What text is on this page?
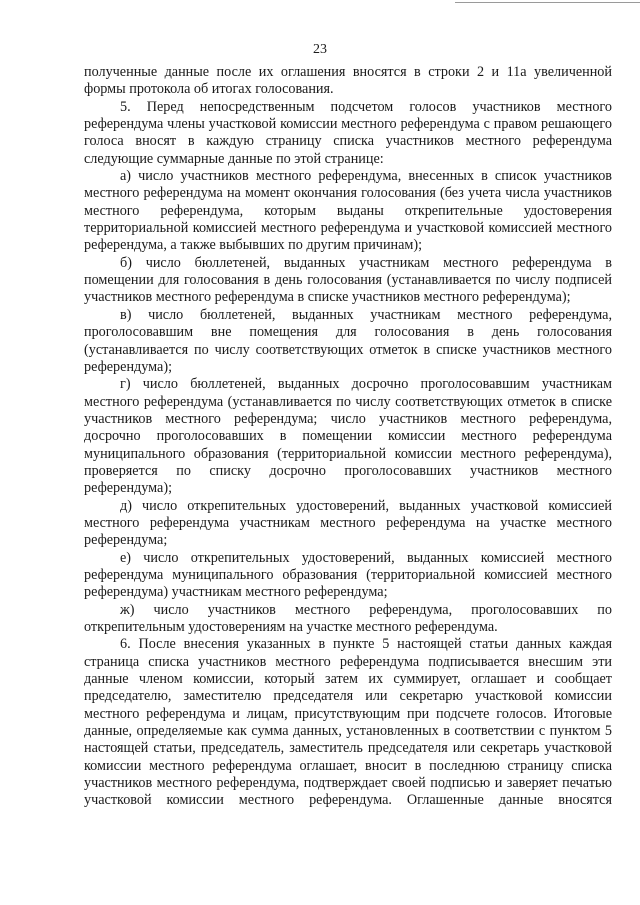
23

полученные данные после их оглашения вносятся в строки 2 и 11а увеличенной формы протокола об итогах голосования.

5. Перед непосредственным подсчетом голосов участников местного референдума члены участковой комиссии местного референдума с правом решающего голоса вносят в каждую страницу списка участников местного референдума следующие суммарные данные по этой странице:

а) число участников местного референдума, внесенных в список участников местного референдума на момент окончания голосования (без учета числа участников местного референдума, которым выданы открепительные удостоверения территориальной комиссией местного референдума и участковой комиссией местного референдума, а также выбывших по другим причинам);

б) число бюллетеней, выданных участникам местного референдума в помещении для голосования в день голосования (устанавливается по числу подписей участников местного референдума в списке участников местного референдума);

в) число бюллетеней, выданных участникам местного референдума, проголосовавшим вне помещения для голосования в день голосования (устанавливается по числу соответствующих отметок в списке участников местного референдума);

г) число бюллетеней, выданных досрочно проголосовавшим участникам местного референдума (устанавливается по числу соответствующих отметок в списке участников местного референдума; число участников местного референдума, досрочно проголосовавших в помещении комиссии местного референдума муниципального образования (территориальной комиссии местного референдума), проверяется по списку досрочно проголосовавших участников местного референдума);

д) число открепительных удостоверений, выданных участковой комиссией местного референдума участникам местного референдума на участке местного референдума;

е) число открепительных удостоверений, выданных комиссией местного референдума муниципального образования (территориальной комиссией местного референдума) участникам местного референдума;

ж) число участников местного референдума, проголосовавших по открепительным удостоверениям на участке местного референдума.

6. После внесения указанных в пункте 5 настоящей статьи данных каждая страница списка участников местного референдума подписывается внесшим эти данные членом комиссии, который затем их суммирует, оглашает и сообщает председателю, заместителю председателя или секретарю участковой комиссии местного референдума и лицам, присутствующим при подсчете голосов. Итоговые данные, определяемые как сумма данных, установленных в соответствии с пунктом 5 настоящей статьи, председатель, заместитель председателя или секретарь участковой комиссии местного референдума оглашает, вносит в последнюю страницу списка участников местного референдума, подтверждает своей подписью и заверяет печатью участковой комиссии местного референдума. Оглашенные данные вносятся
